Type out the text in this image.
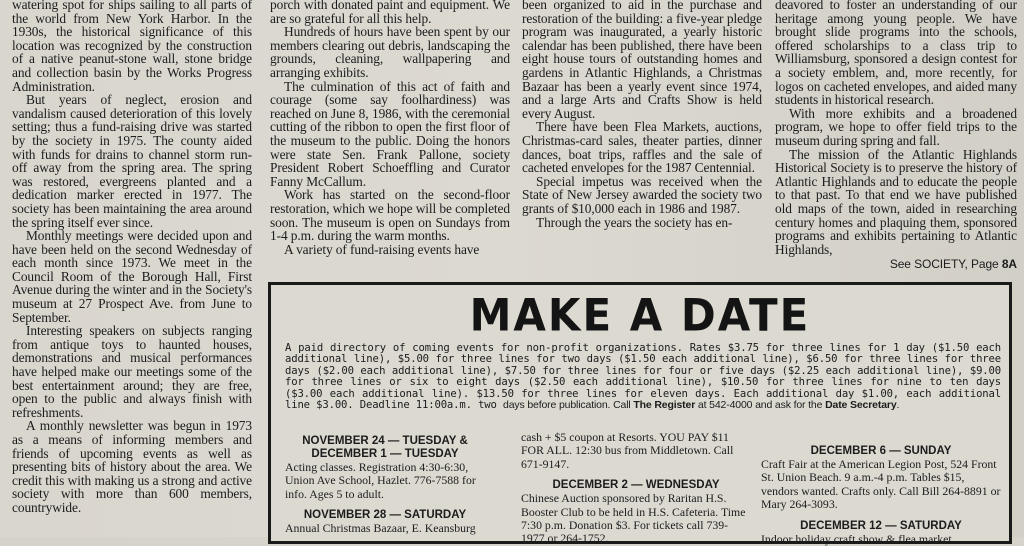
watering spot for ships sailing to all parts of the world from New York Harbor. In the 1930s, the historical significance of this location was recognized by the construction of a native peanut-stone wall, stone bridge and collection basin by the Works Progress Administration.

But years of neglect, erosion and vandalism caused deterioration of this lovely setting; thus a fund-raising drive was started by the society in 1975. The county aided with funds for drains to channel storm run-off away from the spring area. The spring was restored, evergreens planted and a dedication marker erected in 1977. The society has been maintaining the area around the spring itself ever since.

Monthly meetings were decided upon and have been held on the second Wednesday of each month since 1973. We meet in the Council Room of the Borough Hall, First Avenue during the winter and in the Society's museum at 27 Prospect Ave. from June to September.

Interesting speakers on subjects ranging from antique toys to haunted houses, demonstrations and musical performances have helped make our meetings some of the best entertainment around; they are free, open to the public and always finish with refreshments.

A monthly newsletter was begun in 1973 as a means of informing members and friends of upcoming events as well as presenting bits of history about the area. We credit this with making us a strong and active society with more than 600 members, countrywide.

porch with donated paint and equipment. We are so grateful for all this help.

Hundreds of hours have been spent by our members clearing out debris, landscaping the grounds, cleaning, wallpapering and arranging exhibits.

The culmination of this act of faith and courage (some say foolhardiness) was reached on June 8, 1986, with the ceremonial cutting of the ribbon to open the first floor of the museum to the public. Doing the honors were state Sen. Frank Pallone, society President Robert Schoeffling and Curator Fanny McCallum.

Work has started on the second-floor restoration, which we hope will be completed soon. The museum is open on Sundays from 1-4 p.m. during the warm months.

A variety of fund-raising events have

been organized to aid in the purchase and restoration of the building: a five-year pledge program was inaugurated, a yearly historic calendar has been published, there have been eight house tours of outstanding homes and gardens in Atlantic Highlands, a Christmas Bazaar has been a yearly event since 1974, and a large Arts and Crafts Show is held every August.

There have been Flea Markets, auctions, Christmas-card sales, theater parties, dinner dances, boat trips, raffles and the sale of cacheted envelopes for the 1987 Centennial.

Special impetus was received when the State of New Jersey awarded the society two grants of $10,000 each in 1986 and 1987.

Through the years the society has en-

deavored to foster an understanding of our heritage among young people. We have brought slide programs into the schools, offered scholarships to a class trip to Williamsburg, sponsored a design contest for a society emblem, and, more recently, for logos on cacheted envelopes, and aided many students in historical research.

With more exhibits and a broadened program, we hope to offer field trips to the museum during spring and fall.

The mission of the Atlantic Highlands Historical Society is to preserve the history of Atlantic Highlands and to educate the people to that past. To that end we have published old maps of the town, aided in researching century homes and plaquing them, sponsored programs and exhibits pertaining to Atlantic Highlands,

See SOCIETY, Page 8A
MAKE A DATE
A paid directory of coming events for non-profit organizations. Rates $3.75 for three lines for 1 day ($1.50 each additional line), $5.00 for three lines for two days ($1.50 each additional line), $6.50 for three lines for three days ($2.00 each additional line), $7.50 for three lines for four or five days ($2.25 each additional line), $9.00 for three lines or six to eight days ($2.50 each additional line), $10.50 for three lines for nine to ten days ($3.00 each additional line). $13.50 for three lines for eleven days. Each additional day $1.00, each additional line $3.00. Deadline 11:00a.m. two days before publication. Call The Register at 542-4000 and ask for the Date Secretary.
NOVEMBER 24 — TUESDAY & DECEMBER 1 — TUESDAY
Acting classes. Registration 4:30-6:30, Union Ave School, Hazlet. 776-7588 for info. Ages 5 to adult.
NOVEMBER 28 — SATURDAY
Annual Christmas Bazaar, E. Keansburg
cash + $5 coupon at Resorts. YOU PAY $11 FOR ALL. 12:30 bus from Middletown. Call 671-9147.
DECEMBER 2 — WEDNESDAY
Chinese Auction sponsored by Raritan H.S. Booster Club to be held in H.S. Cafeteria. Time 7:30 p.m. Donation $3. For tickets call 739-1977 or 264-1752.
DECEMBER 6 — SUNDAY
Craft Fair at the American Legion Post, 524 Front St. Union Beach. 9 a.m.-4 p.m. Tables $15, vendors wanted. Crafts only. Call Bill 264-8891 or Mary 264-3093.
DECEMBER 12 — SATURDAY
Indoor holiday craft show & flea market
